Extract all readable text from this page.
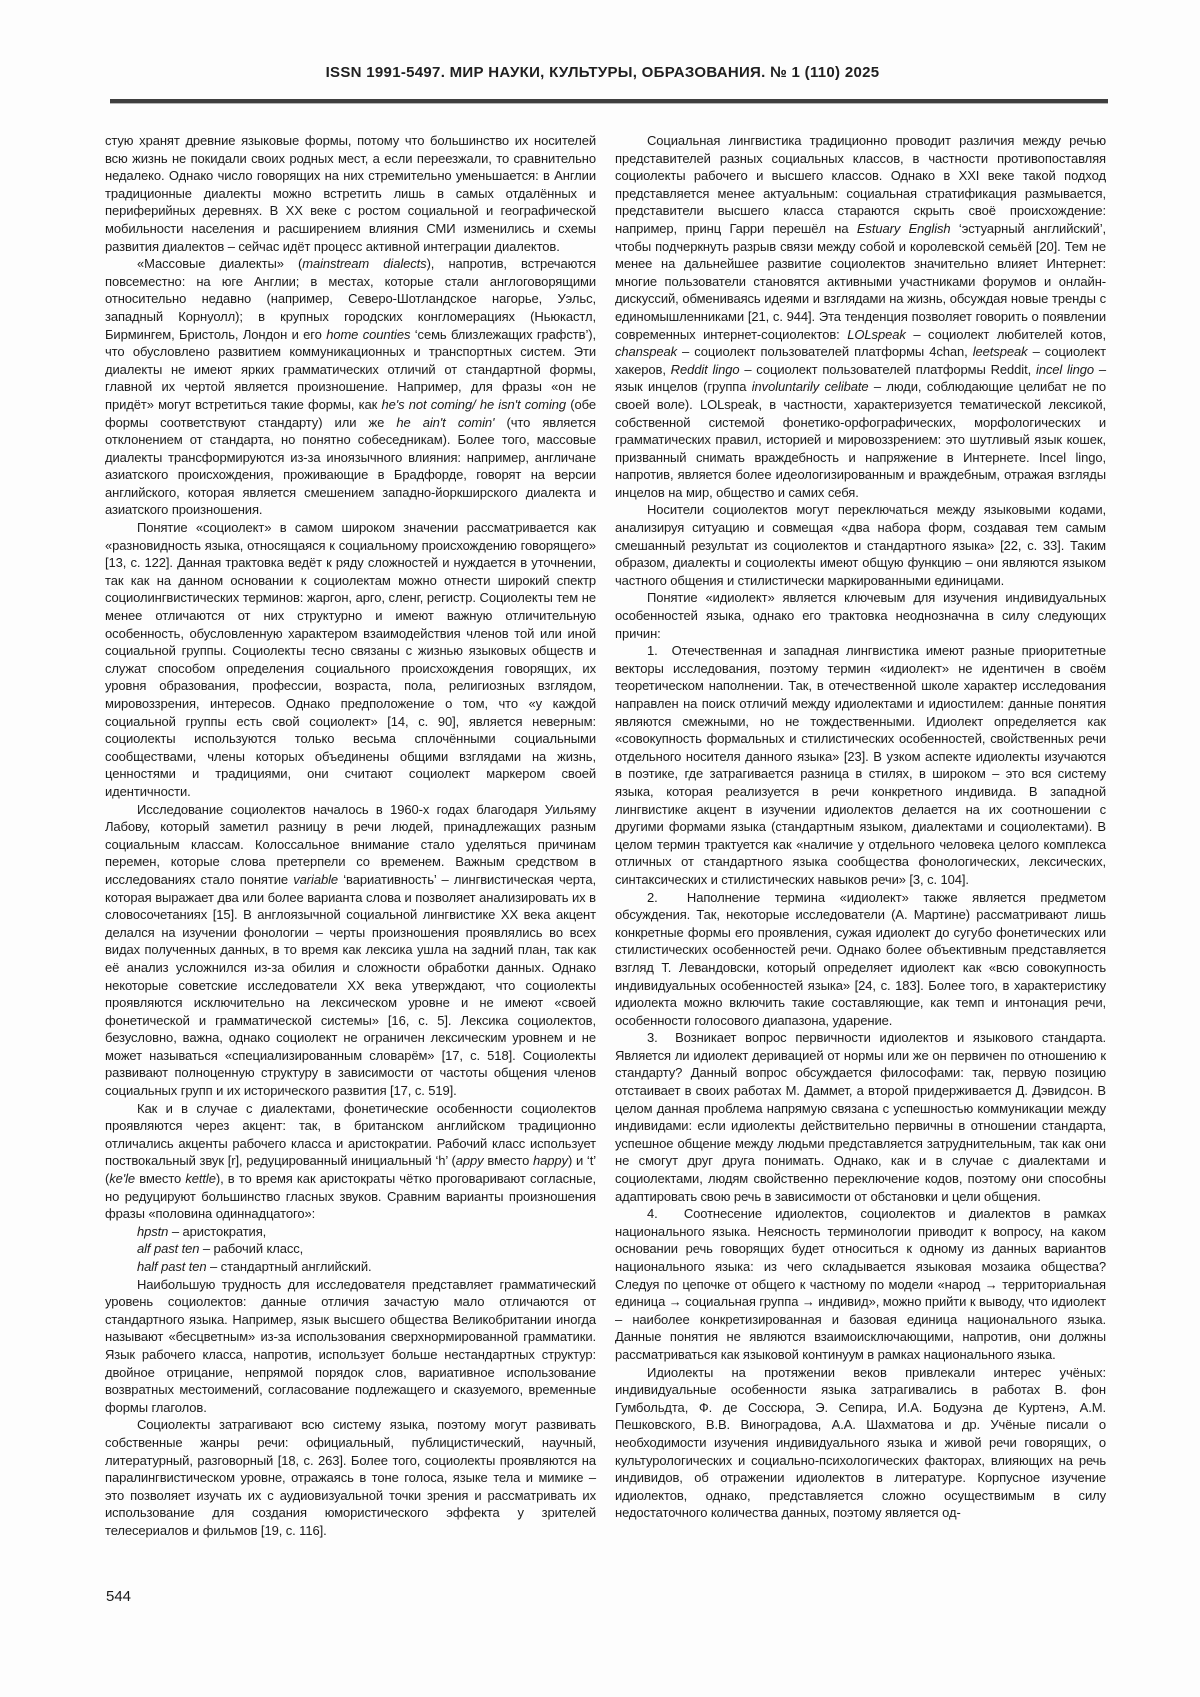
ISSN 1991-5497. МИР НАУКИ, КУЛЬТУРЫ, ОБРАЗОВАНИЯ. № 1 (110) 2025

стую хранят древние языковые формы, потому что большинство их носителей всю жизнь не покидали своих родных мест, а если переезжали, то сравнительно недалеко. Однако число говорящих на них стремительно уменьшается: в Англии традиционные диалекты можно встретить лишь в самых отдалённых и периферийных деревнях. В XX веке с ростом социальной и географической мобильности населения и расширением влияния СМИ изменились и схемы развития диалектов – сейчас идёт процесс активной интеграции диалектов.

«Массовые диалекты» (mainstream dialects), напротив, встречаются повсеместно: на юге Англии; в местах, которые стали англоговорящими относительно недавно (например, Северо-Шотландское нагорье, Уэльс, западный Корнуолл); в крупных городских конгломерациях (Ньюкастл, Бирмингем, Бристоль, Лондон и его home counties ‘семь близлежащих графств’), что обусловлено развитием коммуникационных и транспортных систем. Эти диалекты не имеют ярких грамматических отличий от стандартной формы, главной их чертой является произношение. Например, для фразы «он не придёт» могут встретиться такие формы, как he's not coming/ he isn't coming (обе формы соответствуют стандарту) или же he ain't comin' (что является отклонением от стандарта, но понятно собеседникам). Более того, массовые диалекты трансформируются из-за иноязычного влияния: например, англичане азиатского происхождения, проживающие в Брадфорде, говорят на версии английского, которая является смешением западно-йоркширского диалекта и азиатского произношения.

Понятие «социолект» в самом широком значении рассматривается как «разновидность языка, относящаяся к социальному происхождению говорящего» [13, с. 122]. Данная трактовка ведёт к ряду сложностей и нуждается в уточнении, так как на данном основании к социолектам можно отнести широкий спектр социолингвистических терминов: жаргон, арго, сленг, регистр. Социолекты тем не менее отличаются от них структурно и имеют важную отличительную особенность, обусловленную характером взаимодействия членов той или иной социальной группы. Социолекты тесно связаны с жизнью языковых обществ и служат способом определения социального происхождения говорящих, их уровня образования, профессии, возраста, пола, религиозных взглядом, мировоззрения, интересов. Однако предположение о том, что «у каждой социальной группы есть свой социолект» [14, с. 90], является неверным: социолекты используются только весьма сплочёнными социальными сообществами, члены которых объединены общими взглядами на жизнь, ценностями и традициями, они считают социолект маркером своей идентичности.

Исследование социолектов началось в 1960-х годах благодаря Уильяму Лабову, который заметил разницу в речи людей, принадлежащих разным социальным классам. Колоссальное внимание стало уделяться причинам перемен, которые слова претерпели со временем. Важным средством в исследованиях стало понятие variable ‘вариативность’ – лингвистическая черта, которая выражает два или более варианта слова и позволяет анализировать их в словосочетаниях [15]. В англоязычной социальной лингвистике XX века акцент делался на изучении фонологии – черты произношения проявлялись во всех видах полученных данных, в то время как лексика ушла на задний план, так как её анализ усложнился из-за обилия и сложности обработки данных. Однако некоторые советские исследователи XX века утверждают, что социолекты проявляются исключительно на лексическом уровне и не имеют «своей фонетической и грамматической системы» [16, с. 5]. Лексика социолектов, безусловно, важна, однако социолект не ограничен лексическим уровнем и не может называться «специализированным словарём» [17, с. 518]. Социолекты развивают полноценную структуру в зависимости от частоты общения членов социальных групп и их исторического развития [17, с. 519].

Как и в случае с диалектами, фонетические особенности социолектов проявляются через акцент: так, в британском английском традиционно отличались акценты рабочего класса и аристократии. Рабочий класс использует поствокальный звук [r], редуцированный инициальный ‘h’ (appy вместо happy) и ‘t’ (ke'le вместо kettle), в то время как аристократы чётко проговаривают согласные, но редуцируют большинство гласных звуков. Сравним варианты произношения фразы «половина одиннадцатого»:

hpstn – аристократия,

alf past ten – рабочий класс,

half past ten – стандартный английский.

Наибольшую трудность для исследователя представляет грамматический уровень социолектов: данные отличия зачастую мало отличаются от стандартного языка. Например, язык высшего общества Великобритании иногда называют «бесцветным» из-за использования сверхнормированной грамматики. Язык рабочего класса, напротив, использует больше нестандартных структур: двойное отрицание, непрямой порядок слов, вариативное использование возвратных местоимений, согласование подлежащего и сказуемого, временные формы глаголов.

Социолекты затрагивают всю систему языка, поэтому могут развивать собственные жанры речи: официальный, публицистический, научный, литературный, разговорный [18, с. 263]. Более того, социолекты проявляются на паралингвистическом уровне, отражаясь в тоне голоса, языке тела и мимике – это позволяет изучать их с аудиовизуальной точки зрения и рассматривать их использование для создания юмористического эффекта у зрителей телесериалов и фильмов [19, с. 116].

Социальная лингвистика традиционно проводит различия между речью представителей разных социальных классов, в частности противопоставляя социолекты рабочего и высшего классов. Однако в XXI веке такой подход представляется менее актуальным: социальная стратификация размывается, представители высшего класса стараются скрыть своё происхождение: например, принц Гарри перешёл на Estuary English ‘эстуарный английский’, чтобы подчеркнуть разрыв связи между собой и королевской семьёй [20]. Тем не менее на дальнейшее развитие социолектов значительно влияет Интернет: многие пользователи становятся активными участниками форумов и онлайн-дискуссий, обмениваясь идеями и взглядами на жизнь, обсуждая новые тренды с единомышленниками [21, с. 944]. Эта тенденция позволяет говорить о появлении современных интернет-социолектов: LOLspeak – социолект любителей котов, chanspeak – социолект пользователей платформы 4chan, leetspeak – социолект хакеров, Reddit lingo – социолект пользователей платформы Reddit, incel lingo – язык инцелов (группа involuntarily celibate – люди, соблюдающие целибат не по своей воле). LOLspeak, в частности, характеризуется тематической лексикой, собственной системой фонетико-орфографических, морфологических и грамматических правил, историей и мировоззрением: это шутливый язык кошек, призванный снимать враждебность и напряжение в Интернете. Incel lingo, напротив, является более идеологизированным и враждебным, отражая взгляды инцелов на мир, общество и самих себя.

Носители социолектов могут переключаться между языковыми кодами, анализируя ситуацию и совмещая «два набора форм, создавая тем самым смешанный результат из социолектов и стандартного языка» [22, с. 33]. Таким образом, диалекты и социолекты имеют общую функцию – они являются языком частного общения и стилистически маркированными единицами.

Понятие «идиолект» является ключевым для изучения индивидуальных особенностей языка, однако его трактовка неоднозначна в силу следующих причин:

1.  Отечественная и западная лингвистика имеют разные приоритетные векторы исследования, поэтому термин «идиолект» не идентичен в своём теоретическом наполнении. Так, в отечественной школе характер исследования направлен на поиск отличий между идиолектами и идиостилем: данные понятия являются смежными, но не тождественными. Идиолект определяется как «совокупность формальных и стилистических особенностей, свойственных речи отдельного носителя данного языка» [23]. В узком аспекте идиолекты изучаются в поэтике, где затрагивается разница в стилях, в широком – это вся систему языка, которая реализуется в речи конкретного индивида. В западной лингвистике акцент в изучении идиолектов делается на их соотношении с другими формами языка (стандартным языком, диалектами и социолектами). В целом термин трактуется как «наличие у отдельного человека целого комплекса отличных от стандартного языка сообщества фонологических, лексических, синтаксических и стилистических навыков речи» [3, с. 104].

2.  Наполнение термина «идиолект» также является предметом обсуждения. Так, некоторые исследователи (А. Мартине) рассматривают лишь конкретные формы его проявления, сужая идиолект до сугубо фонетических или стилистических особенностей речи. Однако более объективным представляется взгляд Т. Левандовски, который определяет идиолект как «всю совокупность индивидуальных особенностей языка» [24, с. 183]. Более того, в характеристику идиолекта можно включить такие составляющие, как темп и интонация речи, особенности голосового диапазона, ударение.

3.  Возникает вопрос первичности идиолектов и языкового стандарта. Является ли идиолект деривацией от нормы или же он первичен по отношению к стандарту? Данный вопрос обсуждается философами: так, первую позицию отстаивает в своих работах М. Даммет, а второй придерживается Д. Дэвидсон. В целом данная проблема напрямую связана с успешностью коммуникации между индивидами: если идиолекты действительно первичны в отношении стандарта, успешное общение между людьми представляется затруднительным, так как они не смогут друг друга понимать. Однако, как и в случае с диалектами и социолектами, людям свойственно переключение кодов, поэтому они способны адаптировать свою речь в зависимости от обстановки и цели общения.

4.  Соотнесение идиолектов, социолектов и диалектов в рамках национального языка. Неясность терминологии приводит к вопросу, на каком основании речь говорящих будет относиться к одному из данных вариантов национального языка: из чего складывается языковая мозаика общества? Следуя по цепочке от общего к частному по модели «народ → территориальная единица → социальная группа → индивид», можно прийти к выводу, что идиолект – наиболее конкретизированная и базовая единица национального языка. Данные понятия не являются взаимоисключающими, напротив, они должны рассматриваться как языковой континуум в рамках национального языка.

Идиолекты на протяжении веков привлекали интерес учёных: индивидуальные особенности языка затрагивались в работах В. фон Гумбольдта, Ф. де Соссюра, Э. Сепира, И.А. Бодуэна де Куртенэ, А.М. Пешковского, В.В. Виноградова, А.А. Шахматова и др. Учёные писали о необходимости изучения индивидуального языка и живой речи говорящих, о культурологических и социально-психологических факторах, влияющих на речь индивидов, об отражении идиолектов в литературе. Корпусное изучение идиолектов, однако, представляется сложно осуществимым в силу недостаточного количества данных, поэтому является од-

544
